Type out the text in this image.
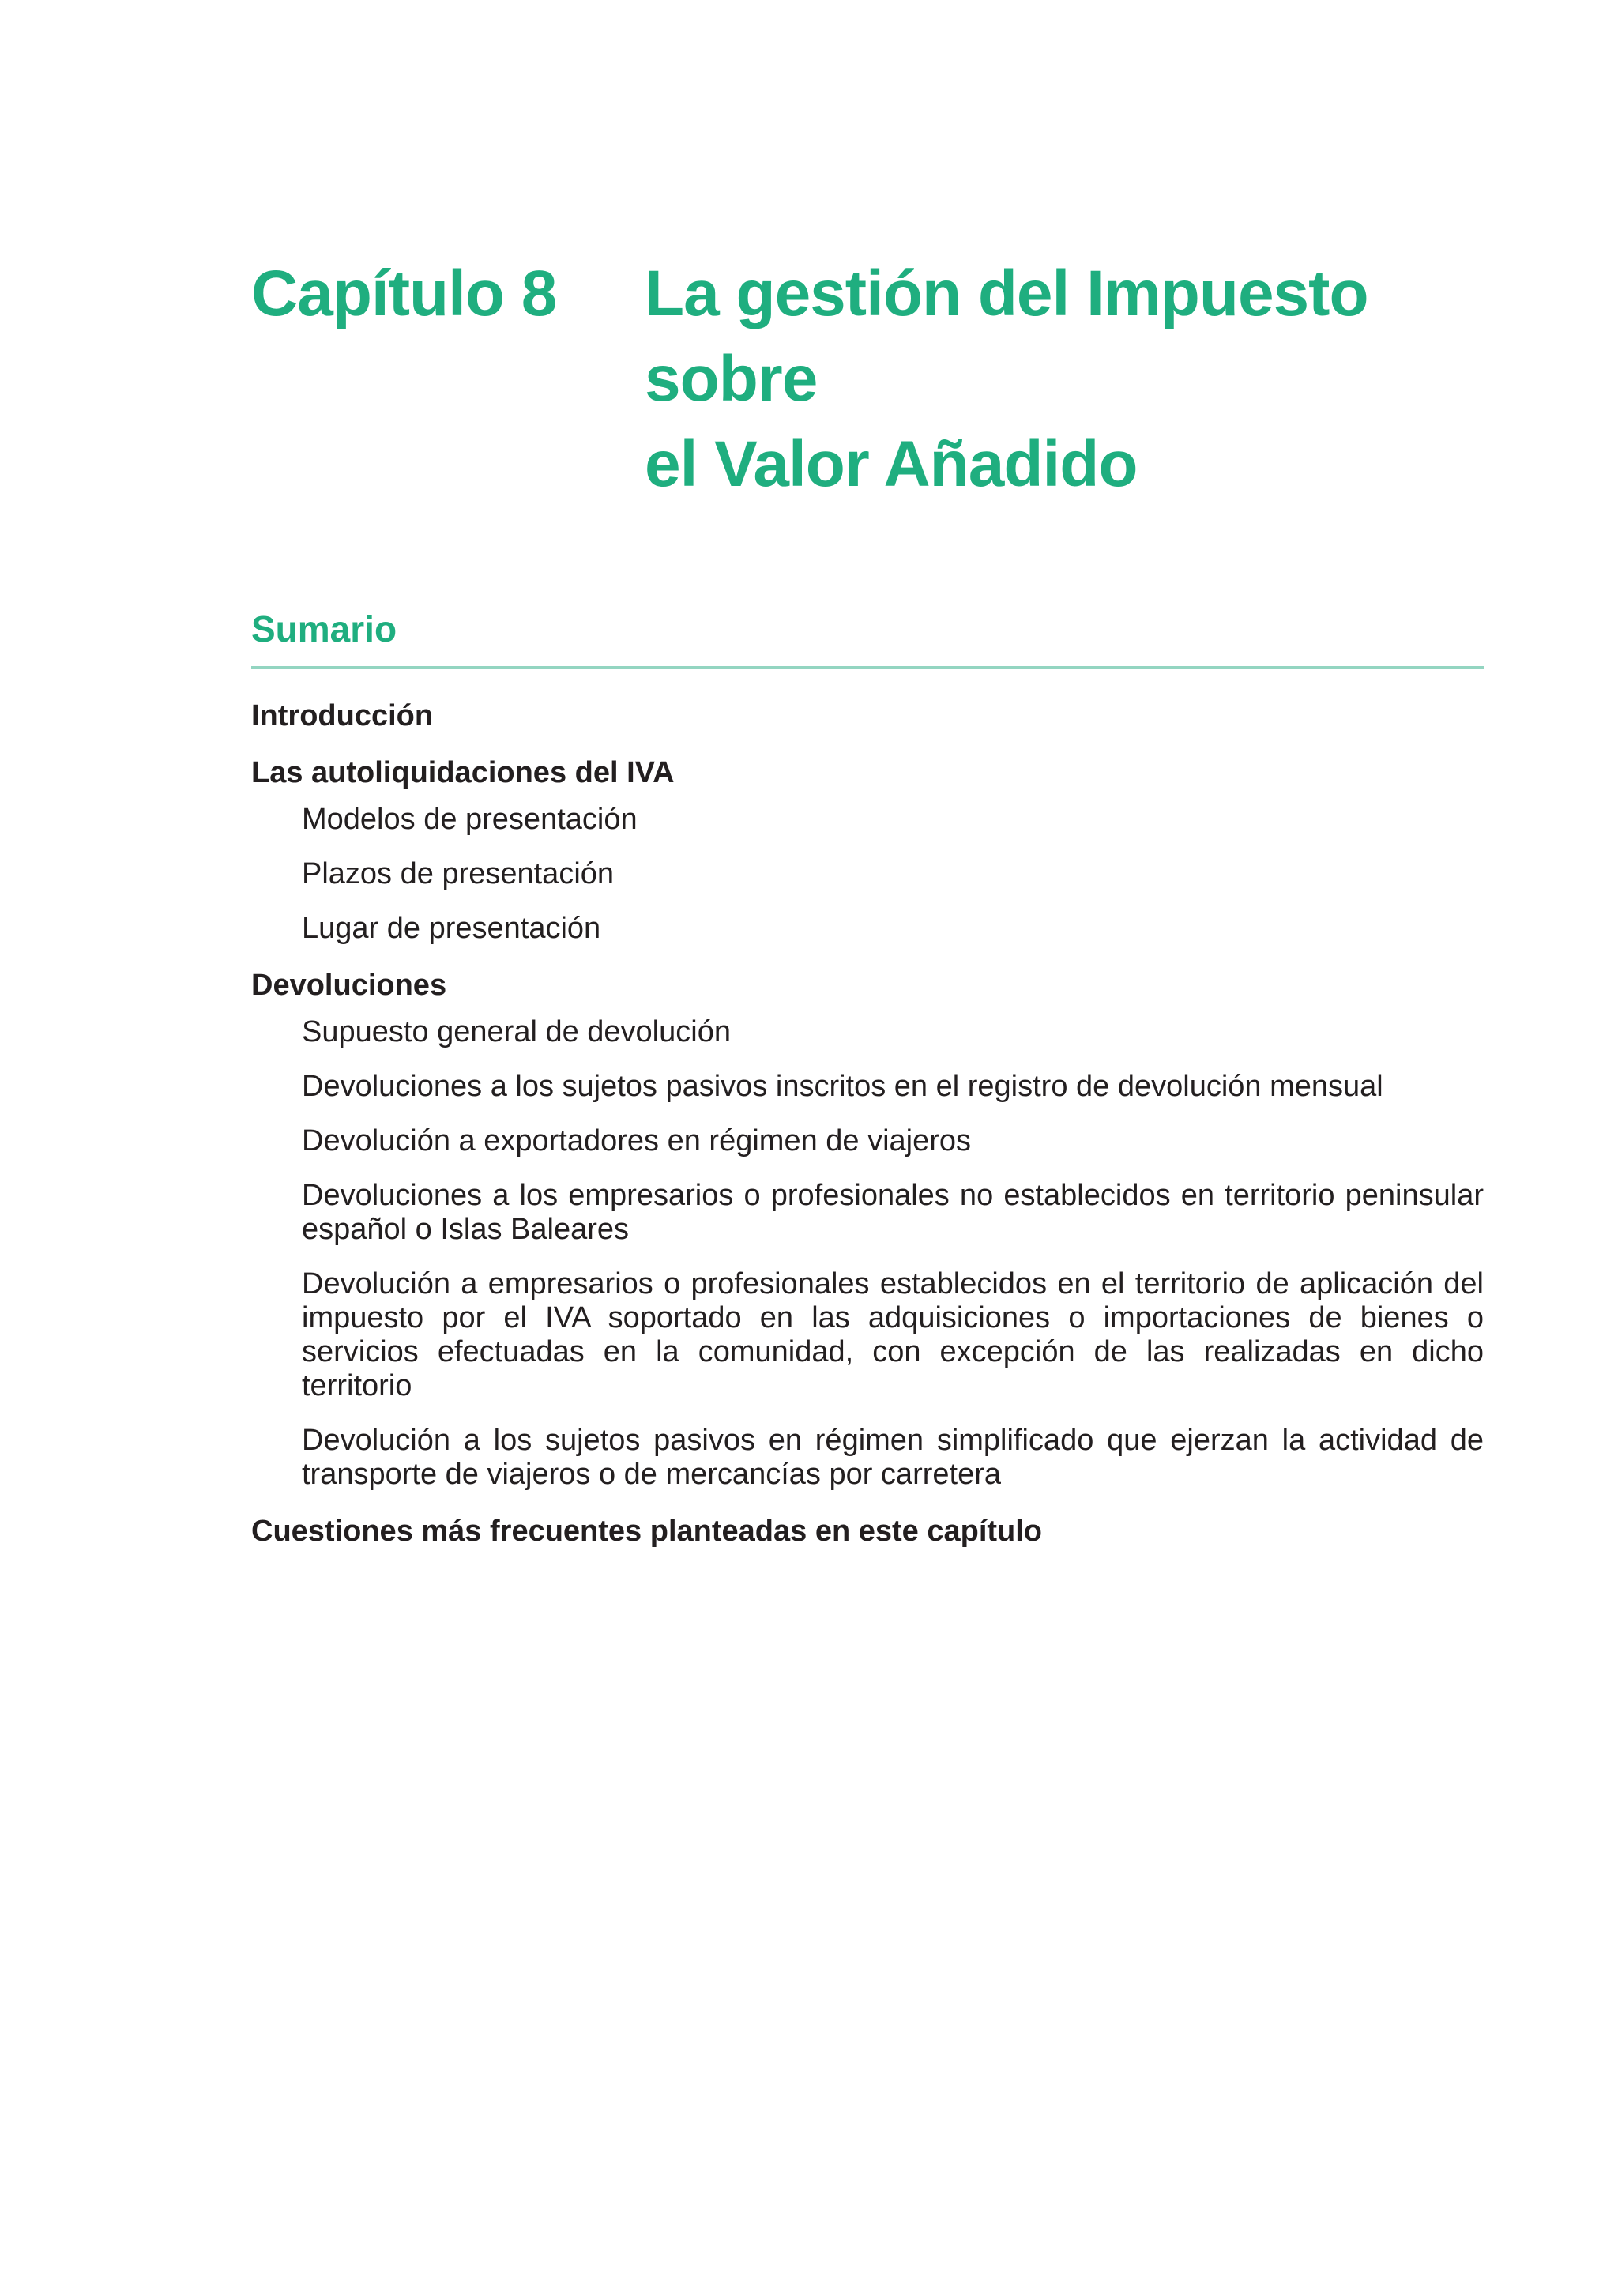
Capítulo 8	La gestión del Impuesto sobre
el Valor Añadido
Sumario
Introducción
Las autoliquidaciones del IVA
Modelos de presentación
Plazos de presentación
Lugar de presentación
Devoluciones
Supuesto general de devolución
Devoluciones a los sujetos pasivos inscritos en el registro de devolución mensual
Devolución a exportadores en régimen de viajeros
Devoluciones a los empresarios o profesionales no establecidos en territorio peninsular español o Islas Baleares
Devolución a empresarios o profesionales establecidos en el territorio de aplicación del impuesto por el IVA soportado en las adquisiciones o importaciones de bienes o servicios efectuadas en la comunidad, con excepción de las realizadas en dicho territorio
Devolución a los sujetos pasivos en régimen simplificado que ejerzan la actividad de transporte de viajeros o de mercancías por carretera
Cuestiones más frecuentes planteadas en este capítulo
